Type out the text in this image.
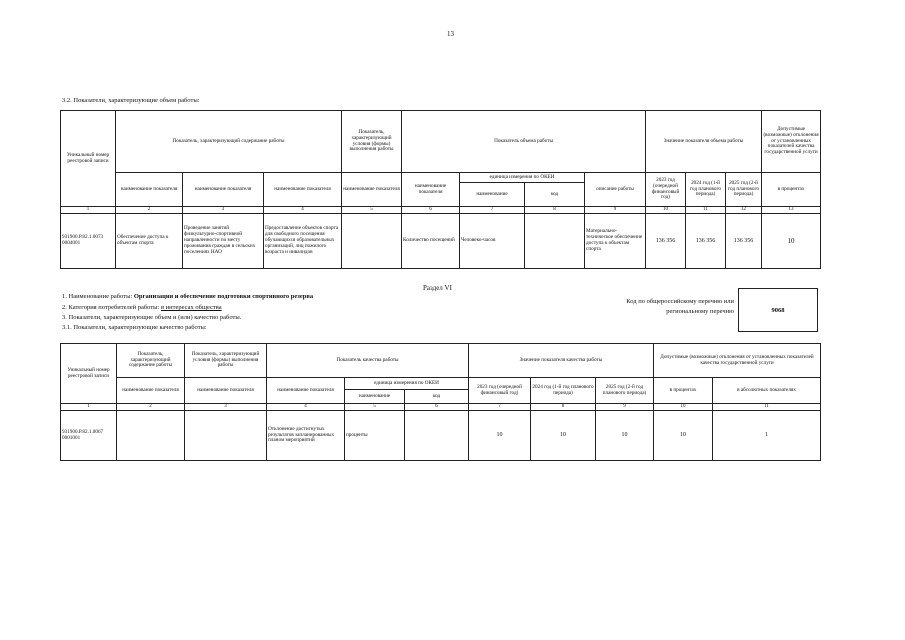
13
3.2. Показатели, характеризующие объем работы:
Уникальный номер реестровой записи	Показатель, характеризующий содержание работы			Показатель, характеризующий условия (формы) выполнения работы	Показатель объема работы				Значение показателя объема работы			Допустимые (возможные) отклонения от установленных показателей качества государственной услуги
	наименование показателя	наименование показателя	наименование показателя	наименование показателя	наименование показателя	единица измерения по ОКЕИ		описание работы	2023 год (очередной финансовый год)	2024 год (1-й год планового периода)	2025 год (2-й год планового периода)	в процентах
						наименование	код					
1	2	3	4	5	6	7	8	9	10	11	12	13
931900.Р.82.1.0073 0004001	Обеспечение доступа к объектам спорта	Проведение занятий физкультурно-спортивной направленности по месту проживания граждан в сельских поселениях НАО	Предоставление объектов спорта для свободного посещения обучающихся образовательных организаций, лиц пожилого возраста и инвалидов		Количество посещений	Человеко-часов		Материально-техническое обеспечение доступа к объектам спорта	136 356	136 356	136 356	10
Раздел VI
1. Наименование работы: Организация и обеспечение подготовки спортивного резерва
2. Категория потребителей работы: в интересах общества
3. Показатели, характеризующие объем и (или) качество работы.
3.1. Показатели, характеризующие качество работы:
Код по общероссийскому перечню или региональному перечню	9068
Уникальный номер реестровой записи	Показатель, характеризующий содержание работы	Показатель, характеризующий условия (формы) выполнения работы	Показатель качества работы			Значение показателя качества работы			Допустимые (возможные) отклонения от установленных показателей качества государственной услуги	
	наименование показателя	наименование показателя	наименование показателя	единица измерения по ОКЕИ		2023 год (очередной финансовый год)	2024 год (1-й год планового периода)	2025 год (2-й год планового периода)	в процентах	в абсолютных показателях
				наименование	код					
1	2	3	4	5	6	7	8	9	10	11
931900.Р.82.1.0067 0001001			Отклонение достигнутых результатов запланированных планом мероприятий	проценты		10	10	10	10	1
